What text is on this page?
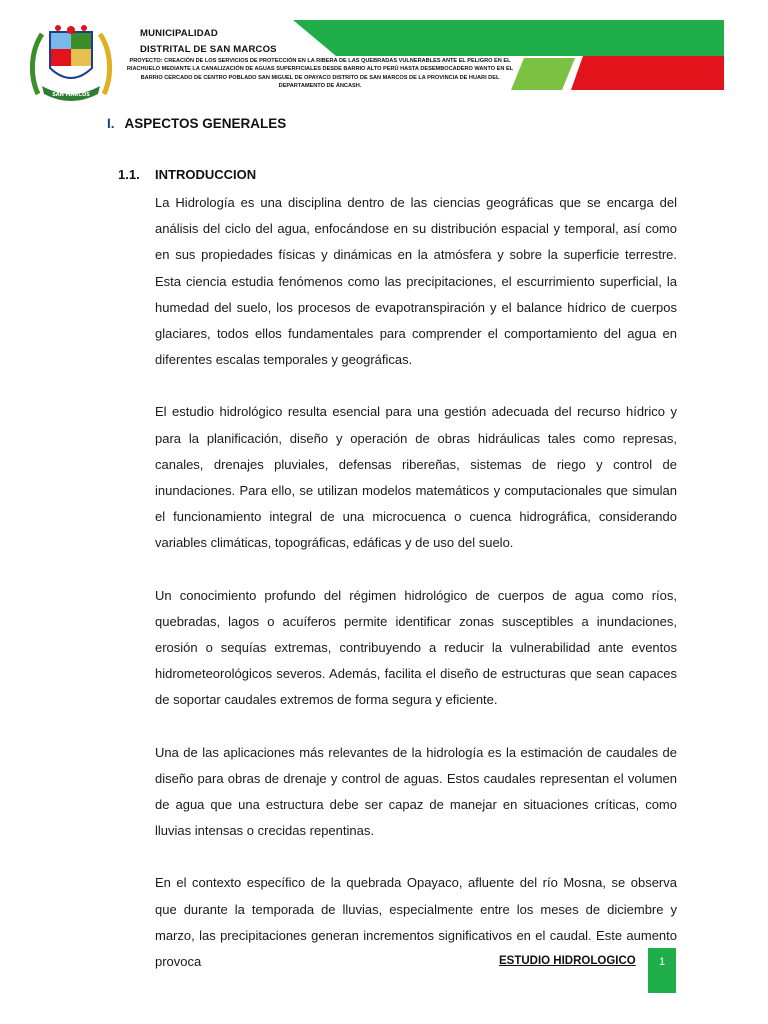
SAN MARCOS
MUNICIPALIDAD
DISTRITAL DE SAN MARCOS
PROYECTO: CREACIÓN DE LOS SERVICIOS DE PROTECCIÓN EN LA RIBERA DE LAS QUEBRADAS VULNERABLES ANTE EL PELIGRO EN EL RIACHUELO MEDIANTE LA CANALIZACIÓN DE AGUAS SUPERFICIALES DESDE BARRIO ALTO PERÚ HASTA DESEMBOCADERO WANTO EN EL BARRIO CERCADO DE CENTRO POBLADO SAN MIGUEL DE OPAYACO DISTRITO DE SAN MARCOS DE LA PROVINCIA DE HUARI DEL DEPARTAMENTO DE ÁNCASH.
I. ASPECTOS GENERALES
1.1. INTRODUCCION

La Hidrología es una disciplina dentro de las ciencias geográficas que se encarga del análisis del ciclo del agua, enfocándose en su distribución espacial y temporal, así como en sus propiedades físicas y dinámicas en la atmósfera y sobre la superficie terrestre. Esta ciencia estudia fenómenos como las precipitaciones, el escurrimiento superficial, la humedad del suelo, los procesos de evapotranspiración y el balance hídrico de cuerpos glaciares, todos ellos fundamentales para comprender el comportamiento del agua en diferentes escalas temporales y geográficas.

El estudio hidrológico resulta esencial para una gestión adecuada del recurso hídrico y para la planificación, diseño y operación de obras hidráulicas tales como represas, canales, drenajes pluviales, defensas ribereñas, sistemas de riego y control de inundaciones. Para ello, se utilizan modelos matemáticos y computacionales que simulan el funcionamiento integral de una microcuenca o cuenca hidrográfica, considerando variables climáticas, topográficas, edáficas y de uso del suelo.

Un conocimiento profundo del régimen hidrológico de cuerpos de agua como ríos, quebradas, lagos o acuíferos permite identificar zonas susceptibles a inundaciones, erosión o sequías extremas, contribuyendo a reducir la vulnerabilidad ante eventos hidrometeorológicos severos. Además, facilita el diseño de estructuras que sean capaces de soportar caudales extremos de forma segura y eficiente.

Una de las aplicaciones más relevantes de la hidrología es la estimación de caudales de diseño para obras de drenaje y control de aguas. Estos caudales representan el volumen de agua que una estructura debe ser capaz de manejar en situaciones críticas, como lluvias intensas o crecidas repentinas.

En el contexto específico de la quebrada Opayaco, afluente del río Mosna, se observa que durante la temporada de lluvias, especialmente entre los meses de diciembre y marzo, las precipitaciones generan incrementos significativos en el caudal. Este aumento provoca	ESTUDIO HIDROLOGICO	1
